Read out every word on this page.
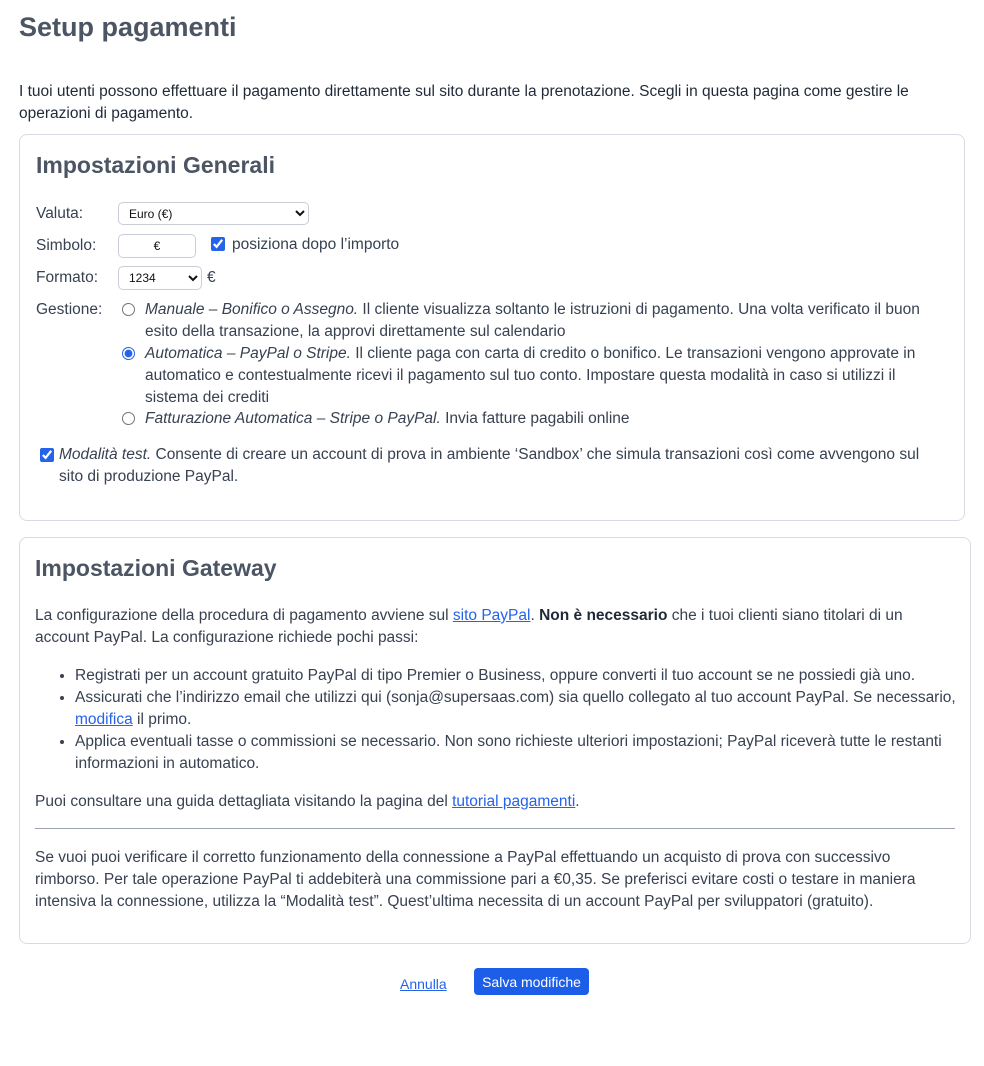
Setup pagamenti

I tuoi utenti possono effettuare il pagamento direttamente sul sito durante la prenotazione. Scegli in questa pagina come gestire le operazioni di pagamento.

Impostazioni Generali
Valuta:
Euro (€)
Simbolo:
€	posiziona dopo l’importo
Formato:
1234	€
Gestione:	Manuale – Bonifico o Assegno. Il cliente visualizza soltanto le istruzioni di pagamento. Una volta verificato il buon esito della transazione, la approvi direttamente sul calendario
Automatica – PayPal o Stripe. Il cliente paga con carta di credito o bonifico. Le transazioni vengono approvate in automatico e contestualmente ricevi il pagamento sul tuo conto. Impostare questa modalità in caso si utilizzi il sistema dei crediti
Fatturazione Automatica – Stripe o PayPal. Invia fatture pagabili online
Modalità test. Consente di creare un account di prova in ambiente ‘Sandbox’ che simula transazioni così come avvengono sul sito di produzione PayPal.
Impostazioni Gateway

La configurazione della procedura di pagamento avviene sul sito PayPal. Non è necessario che i tuoi clienti siano titolari di un account PayPal. La configurazione richiede pochi passi:

• Registrati per un account gratuito PayPal di tipo Premier o Business, oppure converti il tuo account se ne possiedi già uno.
• Assicurati che l’indirizzo email che utilizzi qui (sonja@supersaas.com) sia quello collegato al tuo account PayPal. Se necessario, modifica il primo.
• Applica eventuali tasse o commissioni se necessario. Non sono richieste ulteriori impostazioni; PayPal riceverà tutte le restanti informazioni in automatico.

Puoi consultare una guida dettagliata visitando la pagina del tutorial pagamenti.

Se vuoi puoi verificare il corretto funzionamento della connessione a PayPal effettuando un acquisto di prova con successivo rimborso. Per tale operazione PayPal ti addebiterà una commissione pari a €0,35. Se preferisci evitare costi o testare in maniera intensiva la connessione, utilizza la “Modalità test”. Quest’ultima necessita di un account PayPal per sviluppatori (gratuito).

Annulla	Salva modifiche
